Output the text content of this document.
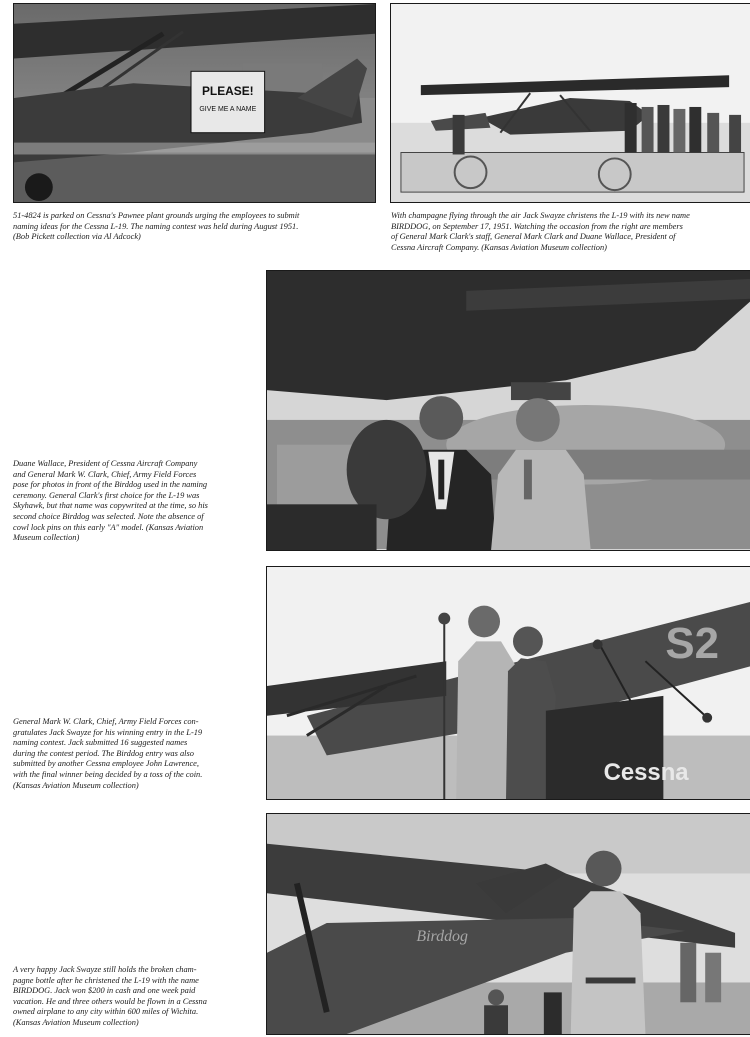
PLEASE!
GIVE ME A NAME
51-4824 is parked on Cessna's Pawnee plant grounds urging the employees to submit
naming ideas for the Cessna L-19. The naming contest was held during August 1951.
(Bob Pickett collection via Al Adcock)
With champagne flying through the air Jack Swayze christens the L-19 with its new name
BIRDDOG, on September 17, 1951. Watching the occasion from the right are members
of General Mark Clark's staff, General Mark Clark and Duane Wallace, President of
Cessna Aircraft Company. (Kansas Aviation Museum collection)
Duane Wallace, President of Cessna Aircraft Company
and General Mark W. Clark, Chief, Army Field Forces
pose for photos in front of the Birddog used in the naming
ceremony. General Clark's first choice for the L-19 was
Skyhawk, but that name was copywrited at the time, so his
second choice Birddog was selected. Note the absence of
cowl lock pins on this early "A" model. (Kansas Aviation
Museum collection)
S2
Cessna
General Mark W. Clark, Chief, Army Field Forces con-
gratulates Jack Swayze for his winning entry in the L-19
naming contest. Jack submitted 16 suggested names
during the contest period. The Birddog entry was also
submitted by another Cessna employee John Lawrence,
with the final winner being decided by a toss of the coin.
(Kansas Aviation Museum collection)
Birddog
A very happy Jack Swayze still holds the broken cham-
pagne bottle after he christened the L-19 with the name
BIRDDOG. Jack won $200 in cash and one week paid
vacation. He and three others would be flown in a Cessna
owned airplane to any city within 600 miles of Wichita.
(Kansas Aviation Museum collection)
